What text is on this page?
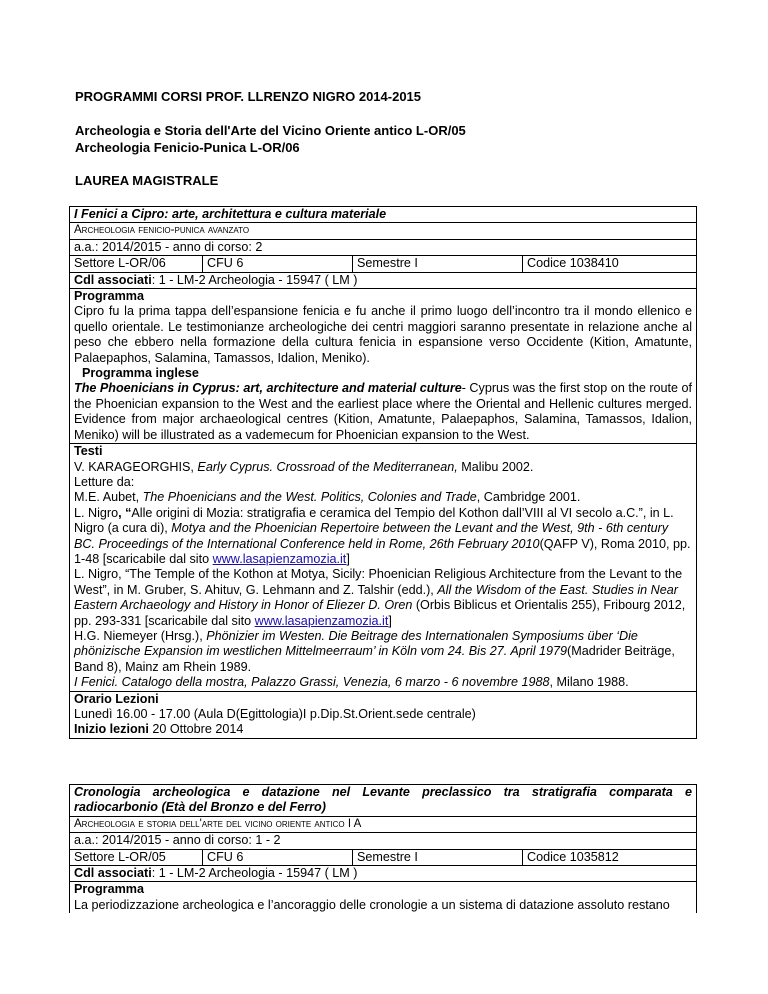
PROGRAMMI CORSI PROF. LLRENZO NIGRO 2014-2015
Archeologia e Storia dell'Arte del Vicino Oriente antico L-OR/05
Archeologia Fenicio-Punica L-OR/06
LAUREA MAGISTRALE
I Fenici a Cipro: arte, architettura e cultura materiale
Archeologia fenicio-punica avanzato
a.a.: 2014/2015 - anno di corso: 2
Settore L-OR/06	CFU 6	Semestre I	Codice 1038410
Cdl associati: 1 - LM-2 Archeologia - 15947 ( LM )

Programma
Cipro fu la prima tappa dell’espansione fenicia e fu anche il primo luogo dell’incontro tra il mondo ellenico e quello orientale. Le testimonianze archeologiche dei centri maggiori saranno presentate in relazione anche al peso che ebbero nella formazione della cultura fenicia in espansione verso Occidente (Kition, Amatunte, Palaepaphos, Salamina, Tamassos, Idalion, Meniko).
Programma inglese
The Phoenicians in Cyprus: art, architecture and material culture- Cyprus was the first stop on the route of the Phoenician expansion to the West and the earliest place where the Oriental and Hellenic cultures merged. Evidence from major archaeological centres (Kition, Amatunte, Palaepaphos, Salamina, Tamassos, Idalion, Meniko) will be illustrated as a vademecum for Phoenician expansion to the West.

Testi
V. KARAGEORGHIS, Early Cyprus. Crossroad of the Mediterranean, Malibu 2002.
Letture da:
M.E. Aubet, The Phoenicians and the West. Politics, Colonies and Trade, Cambridge 2001.
L. Nigro, “Alle origini di Mozia: stratigrafia e ceramica del Tempio del Kothon dall’VIII al VI secolo a.C.”, in L. Nigro (a cura di), Motya and the Phoenician Repertoire between the Levant and the West, 9th - 6th century BC. Proceedings of the International Conference held in Rome, 26th February 2010(QAFP V), Roma 2010, pp. 1-48 [scaricabile dal sito www.lasapienzamozia.it]
L. Nigro, “The Temple of the Kothon at Motya, Sicily: Phoenician Religious Architecture from the Levant to the West”, in M. Gruber, S. Ahituv, G. Lehmann and Z. Talshir (edd.), All the Wisdom of the East. Studies in Near Eastern Archaeology and History in Honor of Eliezer D. Oren (Orbis Biblicus et Orientalis 255), Fribourg 2012, pp. 293-331 [scaricabile dal sito www.lasapienzamozia.it]
H.G. Niemeyer (Hrsg.), Phönizier im Westen. Die Beitrage des Internationalen Symposiums über ‘Die phönizische Expansion im westlichen Mittelmeerraum’ in Köln vom 24. Bis 27. April 1979(Madrider Beiträge, Band 8), Mainz am Rhein 1989.
I Fenici. Catalogo della mostra, Palazzo Grassi, Venezia, 6 marzo - 6 novembre 1988, Milano 1988.

Orario Lezioni
Lunedì 16.00 - 17.00 (Aula D(Egittologia)I p.Dip.St.Orient.sede centrale)
Inizio lezioni 20 Ottobre 2014
Cronologia archeologica e datazione nel Levante preclassico tra stratigrafia comparata e radiocarbonio (Età del Bronzo e del Ferro)
Archeologia e storia dell'arte del vicino oriente antico I A
a.a.: 2014/2015 - anno di corso: 1 - 2
Settore L-OR/05	CFU 6	Semestre I	Codice 1035812
Cdl associati: 1 - LM-2 Archeologia - 15947 ( LM )

Programma
La periodizzazione archeologica e l’ancoraggio delle cronologie a un sistema di datazione assoluto restano
